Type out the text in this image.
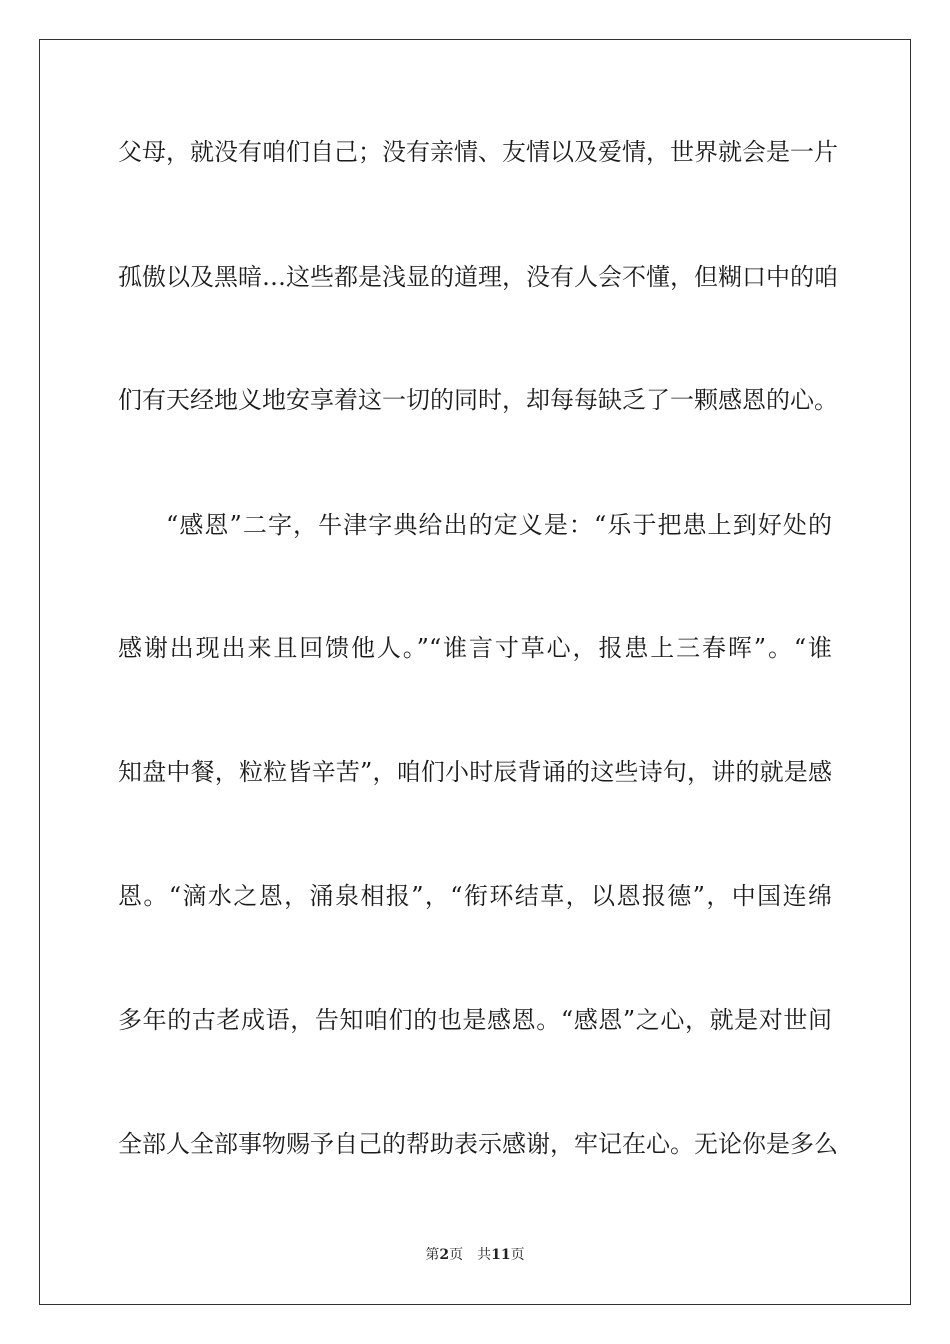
父母，就没有咱们自己；没有亲情、友情以及爱情，世界就会是一片
孤傲以及黑暗…这些都是浅显的道理，没有人会不懂，但糊口中的咱
们有天经地义地安享着这一切的同时，却每每缺乏了一颗感恩的心。
“感恩”二字，牛津字典给出的定义是：“乐于把患上到好处的
感谢出现出来且回馈他人。”“谁言寸草心，报患上三春晖”。“谁
知盘中餐，粒粒皆辛苦”，咱们小时辰背诵的这些诗句，讲的就是感
恩。“滴水之恩，涌泉相报”，“衔环结草，以恩报德”，中国连绵
多年的古老成语，告知咱们的也是感恩。“感恩”之心，就是对世间
全部人全部事物赐予自己的帮助表示感谢，牢记在心。无论你是多么
第2页 共11页
